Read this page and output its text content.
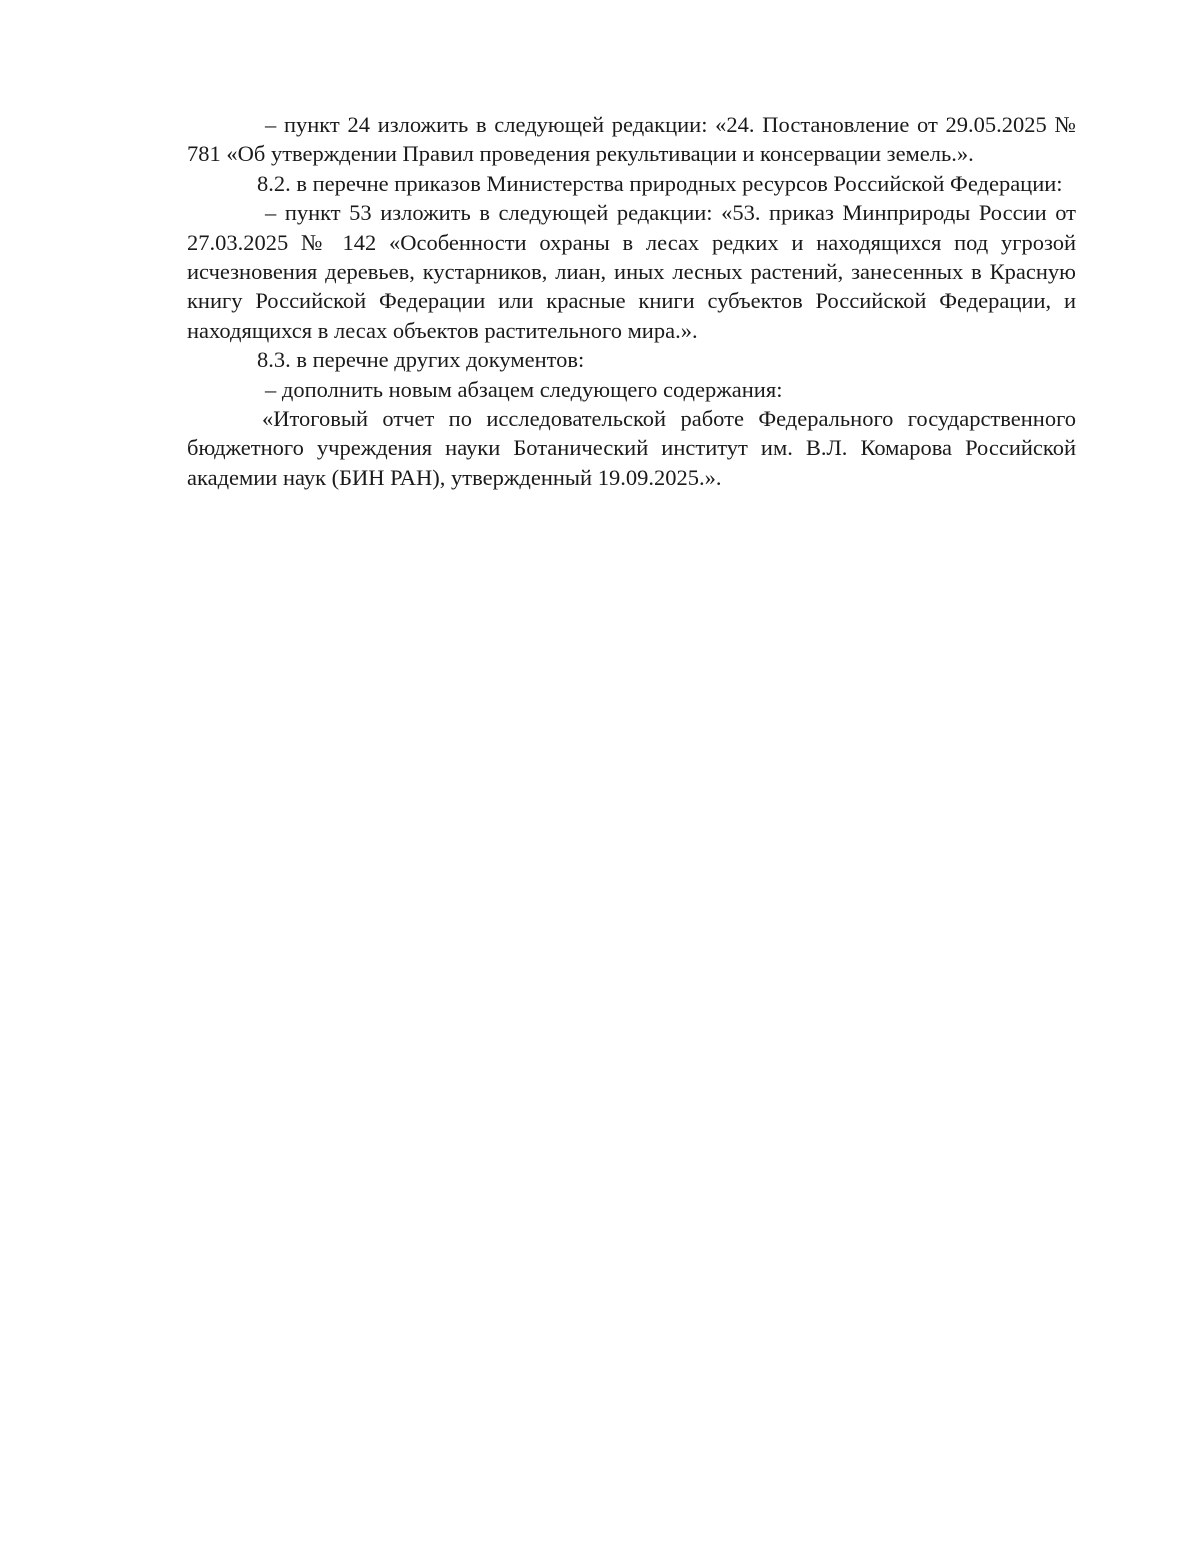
– пункт 24 изложить в следующей редакции: «24. Постановление от 29.05.2025 № 781 «Об утверждении Правил проведения рекультивации и консервации земель.».

8.2. в перечне приказов Министерства природных ресурсов Российской Федерации:

– пункт 53 изложить в следующей редакции: «53. приказ Минприроды России от 27.03.2025 № 142 «Особенности охраны в лесах редких и находящихся под угрозой исчезновения деревьев, кустарников, лиан, иных лесных растений, занесенных в Красную книгу Российской Федерации или красные книги субъектов Российской Федерации, и находящихся в лесах объектов растительного мира.».

8.3. в перечне других документов:

– дополнить новым абзацем следующего содержания:

«Итоговый отчет по исследовательской работе Федерального государственного бюджетного учреждения науки Ботанический институт им. В.Л. Комарова Российской академии наук (БИН РАН), утвержденный 19.09.2025.».
